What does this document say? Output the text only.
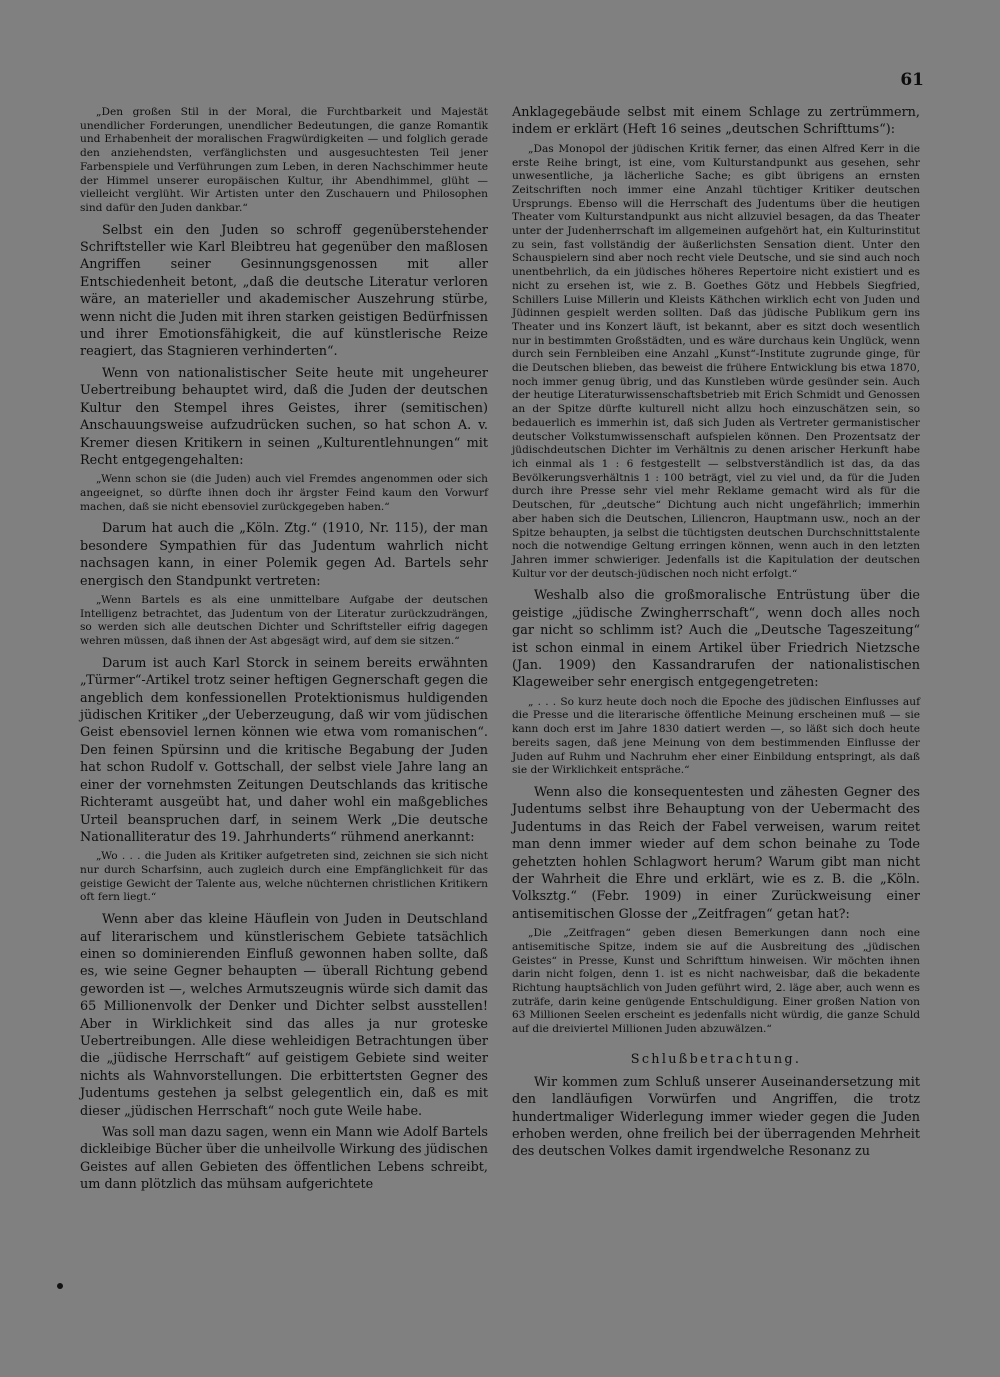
61

„Den großen Stil in der Moral, die Furchtbarkeit und Majestät unendlicher Forderungen, unendlicher Bedeutungen, die ganze Romantik und Erhabenheit der moralischen Fragwürdigkeiten — und folglich gerade den anziehendsten, verfänglichsten und ausgesuchtesten Teil jener Farbenspiele und Verführungen zum Leben, in deren Nachschimmer heute der Himmel unserer europäischen Kultur, ihr Abendhimmel, glüht — vielleicht verglüht. Wir Artisten unter den Zuschauern und Philosophen sind dafür den Juden dankbar.“

Selbst ein den Juden so schroff gegenüberstehender Schriftsteller wie Karl Bleibtreu hat gegenüber den maßlosen Angriffen seiner Gesinnungsgenossen mit aller Entschiedenheit betont, „daß die deutsche Literatur verloren wäre, an materieller und akademischer Auszehrung stürbe, wenn nicht die Juden mit ihren starken geistigen Bedürfnissen und ihrer Emotionsfähigkeit, die auf künstlerische Reize reagiert, das Stagnieren verhinderten“.

Wenn von nationalistischer Seite heute mit ungeheurer Uebertreibung behauptet wird, daß die Juden der deutschen Kultur den Stempel ihres Geistes, ihrer (semitischen) Anschauungsweise aufzudrücken suchen, so hat schon A. v. Kremer diesen Kritikern in seinen „Kulturentlehnungen“ mit Recht entgegengehalten:

„Wenn schon sie (die Juden) auch viel Fremdes angenommen oder sich angeeignet, so dürfte ihnen doch ihr ärgster Feind kaum den Vorwurf machen, daß sie nicht ebensoviel zurückgegeben haben.“

Darum hat auch die „Köln. Ztg.“ (1910, Nr. 115), der man besondere Sympathien für das Judentum wahrlich nicht nachsagen kann, in einer Polemik gegen Ad. Bartels sehr energisch den Standpunkt vertreten:

„Wenn Bartels es als eine unmittelbare Aufgabe der deutschen Intelligenz betrachtet, das Judentum von der Literatur zurückzudrängen, so werden sich alle deutschen Dichter und Schriftsteller eifrig dagegen wehren müssen, daß ihnen der Ast abgesägt wird, auf dem sie sitzen.“

Darum ist auch Karl Storck in seinem bereits erwähnten „Türmer“-Artikel trotz seiner heftigen Gegnerschaft gegen die angeblich dem konfessionellen Protektionismus huldigenden jüdischen Kritiker „der Ueberzeugung, daß wir vom jüdischen Geist ebensoviel lernen können wie etwa vom romanischen“. Den feinen Spürsinn und die kritische Begabung der Juden hat schon Rudolf v. Gottschall, der selbst viele Jahre lang an einer der vornehmsten Zeitungen Deutschlands das kritische Richteramt ausgeübt hat, und daher wohl ein maßgebliches Urteil beanspruchen darf, in seinem Werk „Die deutsche Nationalliteratur des 19. Jahrhunderts“ rühmend anerkannt:

„Wo . . . die Juden als Kritiker aufgetreten sind, zeichnen sie sich nicht nur durch Scharfsinn, auch zugleich durch eine Empfänglichkeit für das geistige Gewicht der Talente aus, welche nüchternen christlichen Kritikern oft fern liegt.“

Wenn aber das kleine Häuflein von Juden in Deutschland auf literarischem und künstlerischem Gebiete tatsächlich einen so dominierenden Einfluß gewonnen haben sollte, daß es, wie seine Gegner behaupten — überall Richtung gebend geworden ist —, welches Armutszeugnis würde sich damit das 65 Millionenvolk der Denker und Dichter selbst ausstellen! Aber in Wirklichkeit sind das alles ja nur groteske Uebertreibungen. Alle diese wehleidigen Betrachtungen über die „jüdische Herrschaft“ auf geistigem Gebiete sind weiter nichts als Wahnvorstellungen. Die erbittertsten Gegner des Judentums gestehen ja selbst gelegentlich ein, daß es mit dieser „jüdischen Herrschaft“ noch gute Weile habe.

Was soll man dazu sagen, wenn ein Mann wie Adolf Bartels dickleibige Bücher über die unheilvolle Wirkung des jüdischen Geistes auf allen Gebieten des öffentlichen Lebens schreibt, um dann plötzlich das mühsam aufgerichtete

Anklagegebäude selbst mit einem Schlage zu zertrümmern, indem er erklärt (Heft 16 seines „deutschen Schrifttums“):

„Das Monopol der jüdischen Kritik ferner, das einen Alfred Kerr in die erste Reihe bringt, ist eine, vom Kulturstandpunkt aus gesehen, sehr unwesentliche, ja lächerliche Sache; es gibt übrigens an ernsten Zeitschriften noch immer eine Anzahl tüchtiger Kritiker deutschen Ursprungs. Ebenso will die Herrschaft des Judentums über die heutigen Theater vom Kulturstandpunkt aus nicht allzuviel besagen, da das Theater unter der Judenherrschaft im allgemeinen aufgehört hat, ein Kulturinstitut zu sein, fast vollständig der äußerlichsten Sensation dient. Unter den Schauspielern sind aber noch recht viele Deutsche, und sie sind auch noch unentbehrlich, da ein jüdisches höheres Repertoire nicht existiert und es nicht zu ersehen ist, wie z. B. Goethes Götz und Hebbels Siegfried, Schillers Luise Millerin und Kleists Käthchen wirklich echt von Juden und Jüdinnen gespielt werden sollten. Daß das jüdische Publikum gern ins Theater und ins Konzert läuft, ist bekannt, aber es sitzt doch wesentlich nur in bestimmten Großstädten, und es wäre durchaus kein Unglück, wenn durch sein Fernbleiben eine Anzahl „Kunst“-Institute zugrunde ginge, für die Deutschen blieben, das beweist die frühere Entwicklung bis etwa 1870, noch immer genug übrig, und das Kunstleben würde gesünder sein. Auch der heutige Literaturwissenschaftsbetrieb mit Erich Schmidt und Genossen an der Spitze dürfte kulturell nicht allzu hoch einzuschätzen sein, so bedauerlich es immerhin ist, daß sich Juden als Vertreter germanistischer deutscher Volkstumwissenschaft aufspielen können. Den Prozentsatz der jüdischdeutschen Dichter im Verhältnis zu denen arischer Herkunft habe ich einmal als 1 : 6 festgestellt — selbstverständlich ist das, da das Bevölkerungsverhältnis 1 : 100 beträgt, viel zu viel und, da für die Juden durch ihre Presse sehr viel mehr Reklame gemacht wird als für die Deutschen, für „deutsche“ Dichtung auch nicht ungefährlich; immerhin aber haben sich die Deutschen, Liliencron, Hauptmann usw., noch an der Spitze behaupten, ja selbst die tüchtigsten deutschen Durchschnittstalente noch die notwendige Geltung erringen können, wenn auch in den letzten Jahren immer schwieriger. Jedenfalls ist die Kapitulation der deutschen Kultur vor der deutsch-jüdischen noch nicht erfolgt.“

Weshalb also die großmoralische Entrüstung über die geistige „jüdische Zwingherrschaft“, wenn doch alles noch gar nicht so schlimm ist? Auch die „Deutsche Tageszeitung“ ist schon einmal in einem Artikel über Friedrich Nietzsche (Jan. 1909) den Kassandrarufen der nationalistischen Klageweiber sehr energisch entgegengetreten:

„ . . . So kurz heute doch noch die Epoche des jüdischen Einflusses auf die Presse und die literarische öffentliche Meinung erscheinen muß — sie kann doch erst im Jahre 1830 datiert werden —, so läßt sich doch heute bereits sagen, daß jene Meinung von dem bestimmenden Einflusse der Juden auf Ruhm und Nachruhm eher einer Einbildung entspringt, als daß sie der Wirklichkeit entspräche.“

Wenn also die konsequentesten und zähesten Gegner des Judentums selbst ihre Behauptung von der Uebermacht des Judentums in das Reich der Fabel verweisen, warum reitet man denn immer wieder auf dem schon beinahe zu Tode gehetzten hohlen Schlagwort herum? Warum gibt man nicht der Wahrheit die Ehre und erklärt, wie es z. B. die „Köln. Volksztg.“ (Febr. 1909) in einer Zurückweisung einer antisemitischen Glosse der „Zeitfragen“ getan hat?:

„Die „Zeitfragen“ geben diesen Bemerkungen dann noch eine antisemitische Spitze, indem sie auf die Ausbreitung des „jüdischen Geistes“ in Presse, Kunst und Schrifttum hinweisen. Wir möchten ihnen darin nicht folgen, denn 1. ist es nicht nachweisbar, daß die bekadente Richtung hauptsächlich von Juden geführt wird, 2. läge aber, auch wenn es zuträfe, darin keine genügende Entschuldigung. Einer großen Nation von 63 Millionen Seelen erscheint es jedenfalls nicht würdig, die ganze Schuld auf die dreiviertel Millionen Juden abzuwälzen.“

Schlußbetrachtung.

Wir kommen zum Schluß unserer Auseinandersetzung mit den landläufigen Vorwürfen und Angriffen, die trotz hundertmaliger Widerlegung immer wieder gegen die Juden erhoben werden, ohne freilich bei der überragenden Mehrheit des deutschen Volkes damit irgendwelche Resonanz zu
